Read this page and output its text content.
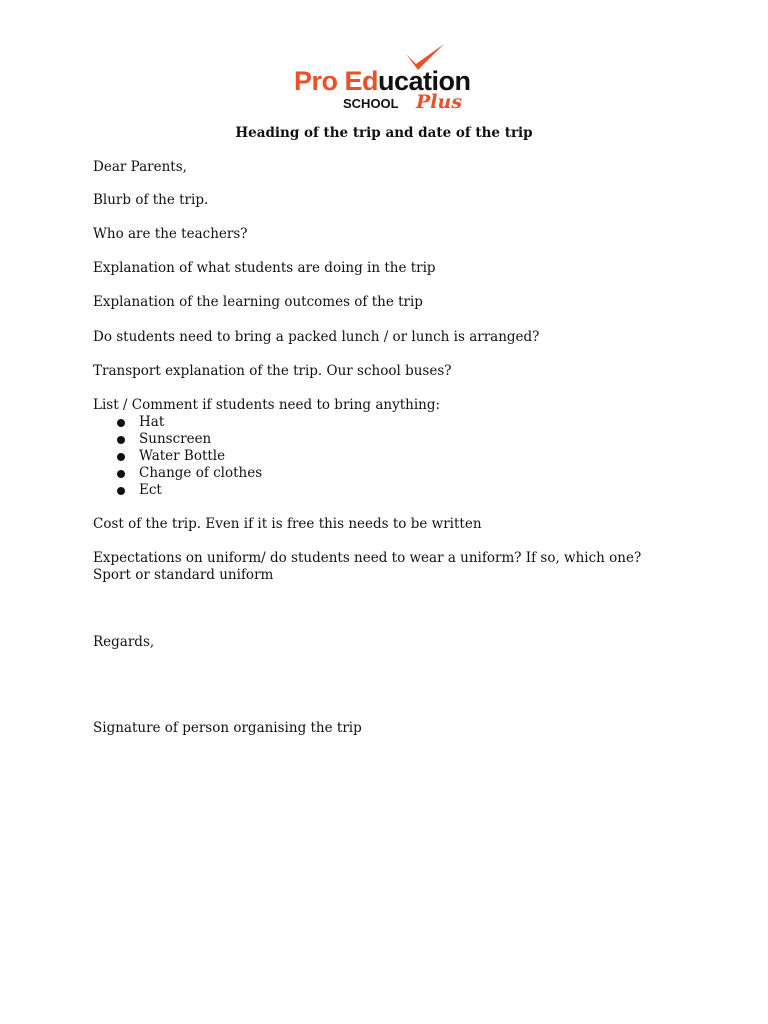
Pro Education
SCHOOL Plus
Heading of the trip and date of the trip
Dear Parents,
Blurb of the trip.
Who are the teachers?
Explanation of what students are doing in the trip
Explanation of the learning outcomes of the trip
Do students need to bring a packed lunch / or lunch is arranged?
Transport explanation of the trip. Our school buses?
List / Comment if students need to bring anything:
Hat
Sunscreen
Water Bottle
Change of clothes
Ect
Cost of the trip. Even if it is free this needs to be written
Expectations on uniform/ do students need to wear a uniform? If so, which one? Sport or standard uniform
Regards,
Signature of person organising the trip
